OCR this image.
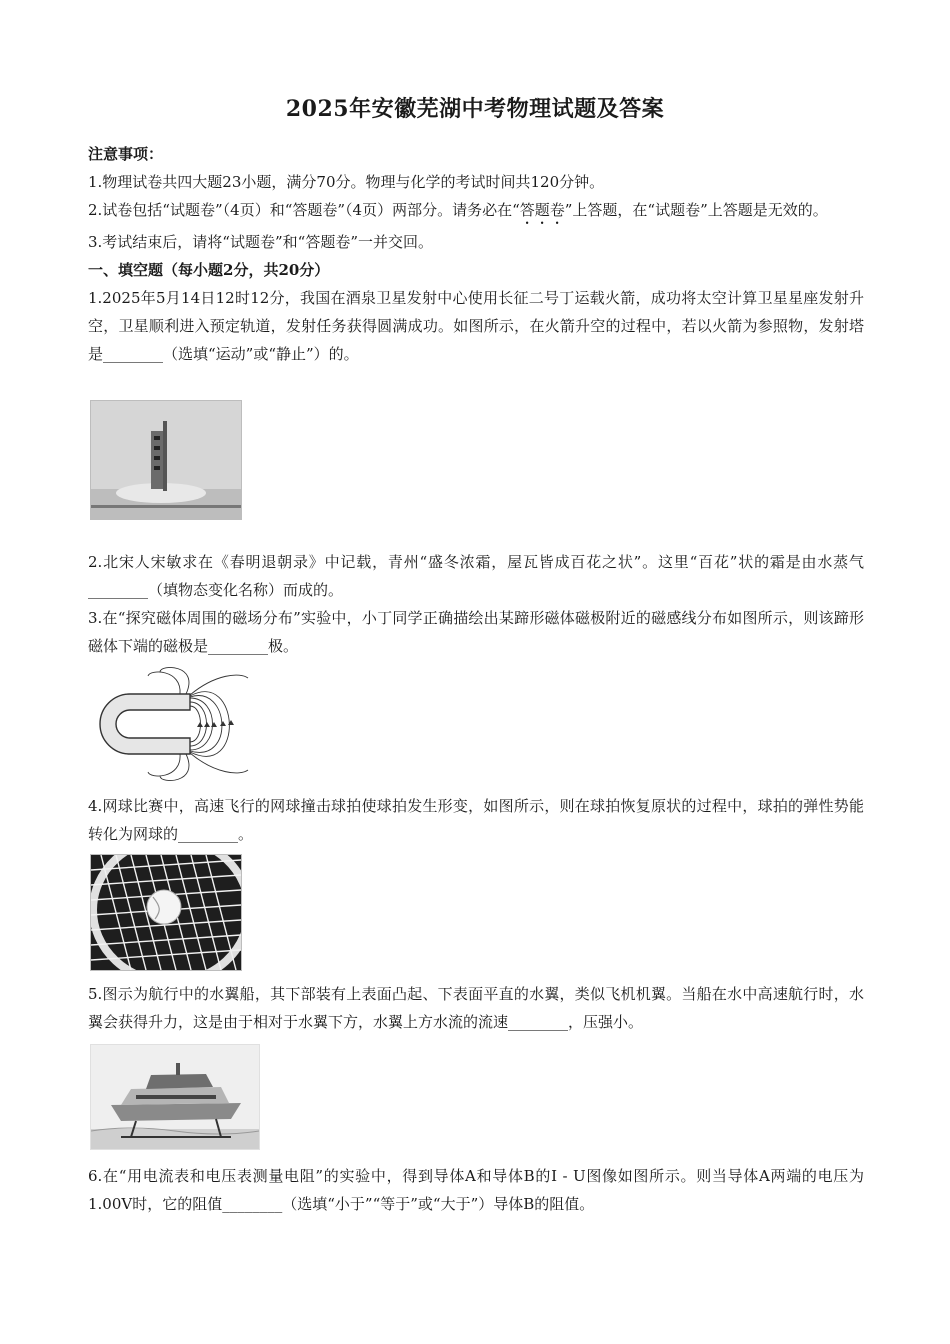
2025年安徽芜湖中考物理试题及答案

注意事项：

1.物理试卷共四大题23小题，满分70分。物理与化学的考试时间共120分钟。

2.试卷包括“试题卷”（4页）和“答题卷”（4页）两部分。请务必在“答题卷”上答题，在“试题卷”上答题是无效的。

3.考试结束后，请将“试题卷”和“答题卷”一并交回。

一、填空题（每小题2分，共20分）

1.2025年5月14日12时12分，我国在酒泉卫星发射中心使用长征二号丁运载火箭，成功将太空计算卫星星座发射升空，卫星顺利进入预定轨道，发射任务获得圆满成功。如图所示，在火箭升空的过程中，若以火箭为参照物，发射塔是________（选填“运动”或“静止”）的。

2.北宋人宋敏求在《春明退朝录》中记载，青州“盛冬浓霜，屋瓦皆成百花之状”。这里“百花”状的霜是由水蒸气________（填物态变化名称）而成的。

3.在“探究磁体周围的磁场分布”实验中，小丁同学正确描绘出某蹄形磁体磁极附近的磁感线分布如图所示，则该蹄形磁体下端的磁极是________极。

4.网球比赛中，高速飞行的网球撞击球拍使球拍发生形变，如图所示，则在球拍恢复原状的过程中，球拍的弹性势能转化为网球的________。

5.图示为航行中的水翼船，其下部装有上表面凸起、下表面平直的水翼，类似飞机机翼。当船在水中高速航行时，水翼会获得升力，这是由于相对于水翼下方，水翼上方水流的流速________，压强小。

6.在“用电流表和电压表测量电阻”的实验中，得到导体A和导体B的I - U图像如图所示。则当导体A两端的电压为1.00V时，它的阻值________（选填“小于”“等于”或“大于”）导体B的阻值。
